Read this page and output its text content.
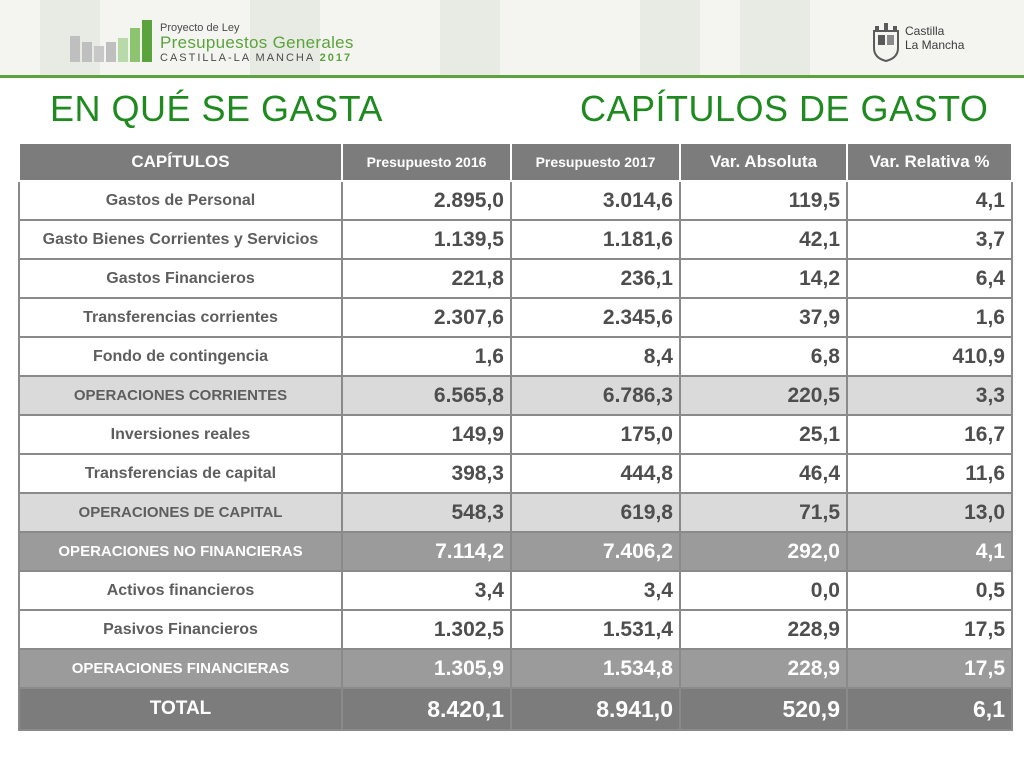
Proyecto de Ley
Presupuestos Generales
CASTILLA-LA MANCHA 2017
Castilla
La Mancha
EN QUÉ SE GASTA	CAPÍTULOS DE GASTO
CAPÍTULOS	Presupuesto 2016	Presupuesto 2017	Var. Absoluta	Var. Relativa %
Gastos de Personal	2.895,0	3.014,6	119,5	4,1
Gasto Bienes Corrientes y Servicios	1.139,5	1.181,6	42,1	3,7
Gastos Financieros	221,8	236,1	14,2	6,4
Transferencias corrientes	2.307,6	2.345,6	37,9	1,6
Fondo de contingencia	1,6	8,4	6,8	410,9
OPERACIONES CORRIENTES	6.565,8	6.786,3	220,5	3,3
Inversiones reales	149,9	175,0	25,1	16,7
Transferencias de capital	398,3	444,8	46,4	11,6
OPERACIONES DE CAPITAL	548,3	619,8	71,5	13,0
OPERACIONES NO FINANCIERAS	7.114,2	7.406,2	292,0	4,1
Activos financieros	3,4	3,4	0,0	0,5
Pasivos Financieros	1.302,5	1.531,4	228,9	17,5
OPERACIONES FINANCIERAS	1.305,9	1.534,8	228,9	17,5
TOTAL	8.420,1	8.941,0	520,9	6,1
